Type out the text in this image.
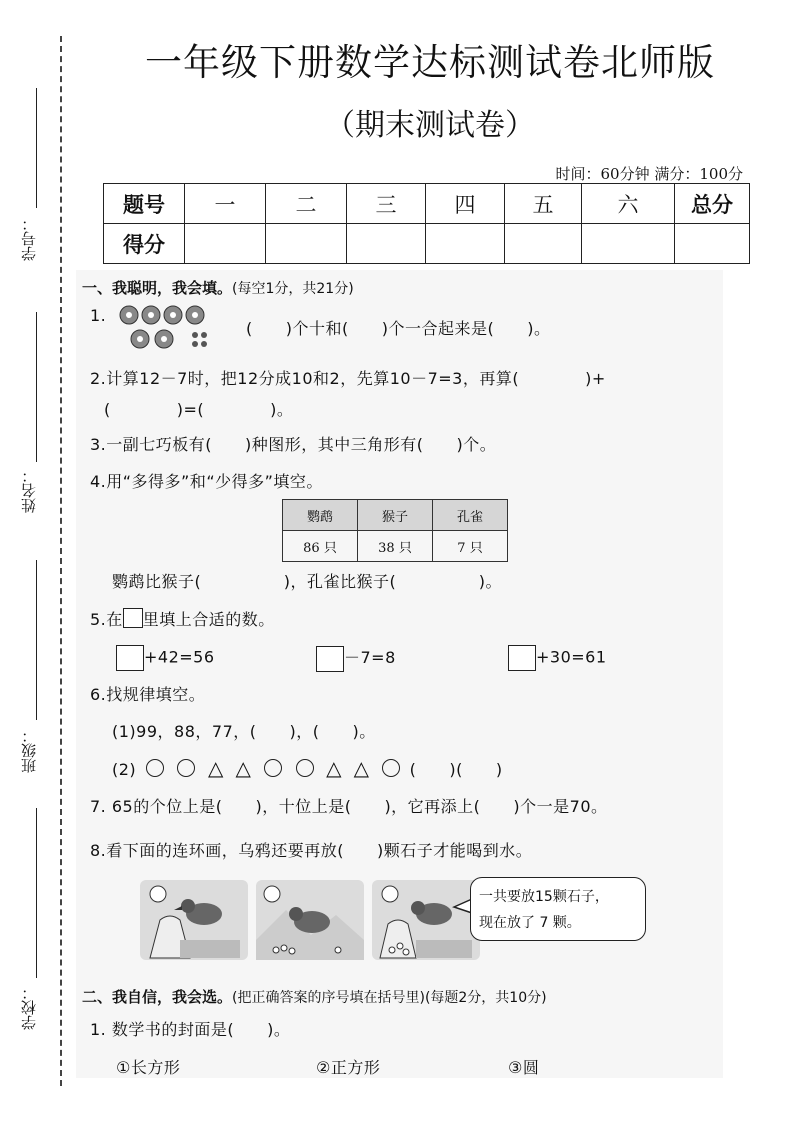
学号：
姓名：
班级：
学校：
一年级下册数学达标测试卷北师版
（期末测试卷）
时间：60分钟 满分：100分
题号	一	二	三	四	五	六	总分
得分							
一、我聪明，我会填。(每空1分，共21分)
1.
(　　)个十和(　　)个一合起来是(　　)。
2.计算12－7时，把12分成10和2，先算10－7=3，再算(　　　　)+
(　　　　)=(　　　　)。
3.一副七巧板有(　　)种图形，其中三角形有(　　)个。
4.用“多得多”和“少得多”填空。
鹦鹉	猴子	孔雀
86 只	38 只	7 只
鹦鹉比猴子(　　　　　)，孔雀比猴子(　　　　　)。
5.在 里填上合适的数。
+42=56	－7=8	+30=61
6.找规律填空。
(1)99，88，77，(　　)，(　　)。
(2)	△ △	△ △	(　　)(　　)
7. 65的个位上是(　　)，十位上是(　　)，它再添上(　　)个一是70。
8.看下面的连环画，乌鸦还要再放(　　)颗石子才能喝到水。
一共要放15颗石子，
现在放了 7 颗。
二、我自信，我会选。(把正确答案的序号填在括号里)(每题2分，共10分)
1. 数学书的封面是(　　)。
①长方形	②正方形	③圆
